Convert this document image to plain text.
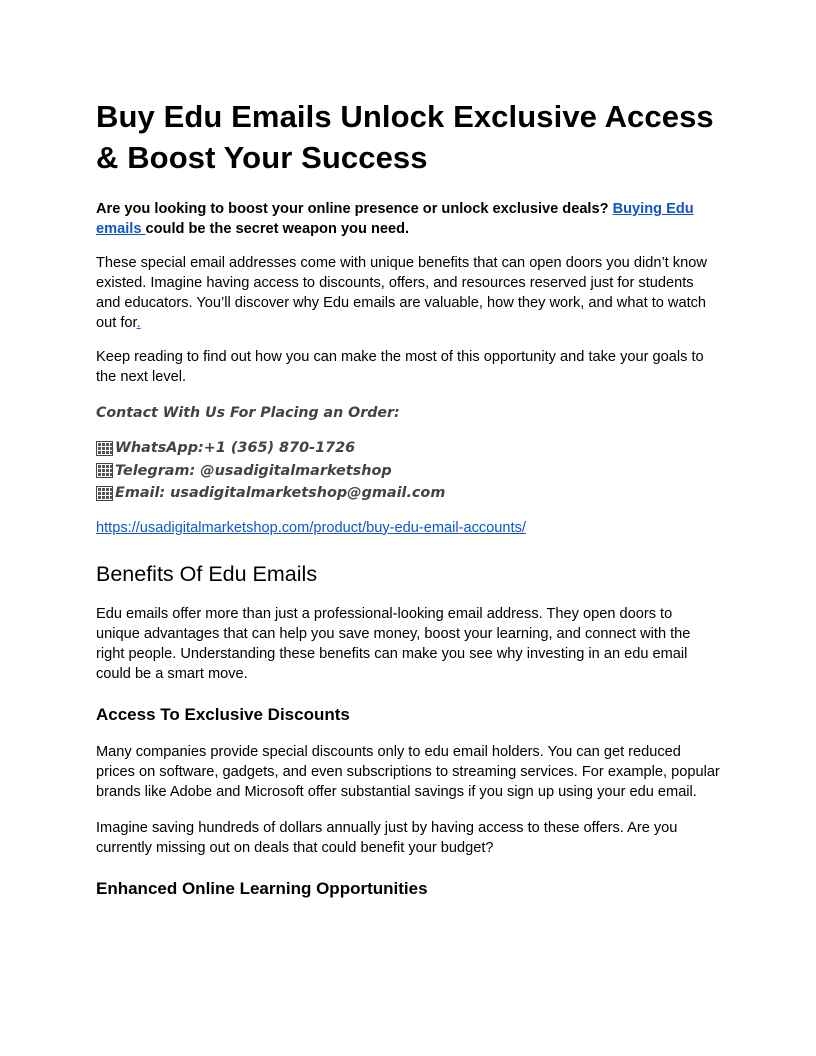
Buy Edu Emails Unlock Exclusive Access & Boost Your Success

Are you looking to boost your online presence or unlock exclusive deals? Buying Edu emails could be the secret weapon you need.

These special email addresses come with unique benefits that can open doors you didn’t know existed. Imagine having access to discounts, offers, and resources reserved just for students and educators. You’ll discover why Edu emails are valuable, how they work, and what to watch out for.

Keep reading to find out how you can make the most of this opportunity and take your goals to the next level.

Contact With Us For Placing an Order:

WhatsApp:+1 (365) 870-1726
Telegram: @usadigitalmarketshop
Email: usadigitalmarketshop@gmail.com

https://usadigitalmarketshop.com/product/buy-edu-email-accounts/

Benefits Of Edu Emails

Edu emails offer more than just a professional-looking email address. They open doors to unique advantages that can help you save money, boost your learning, and connect with the right people. Understanding these benefits can make you see why investing in an edu email could be a smart move.

Access To Exclusive Discounts

Many companies provide special discounts only to edu email holders. You can get reduced prices on software, gadgets, and even subscriptions to streaming services. For example, popular brands like Adobe and Microsoft offer substantial savings if you sign up using your edu email.

Imagine saving hundreds of dollars annually just by having access to these offers. Are you currently missing out on deals that could benefit your budget?

Enhanced Online Learning Opportunities
